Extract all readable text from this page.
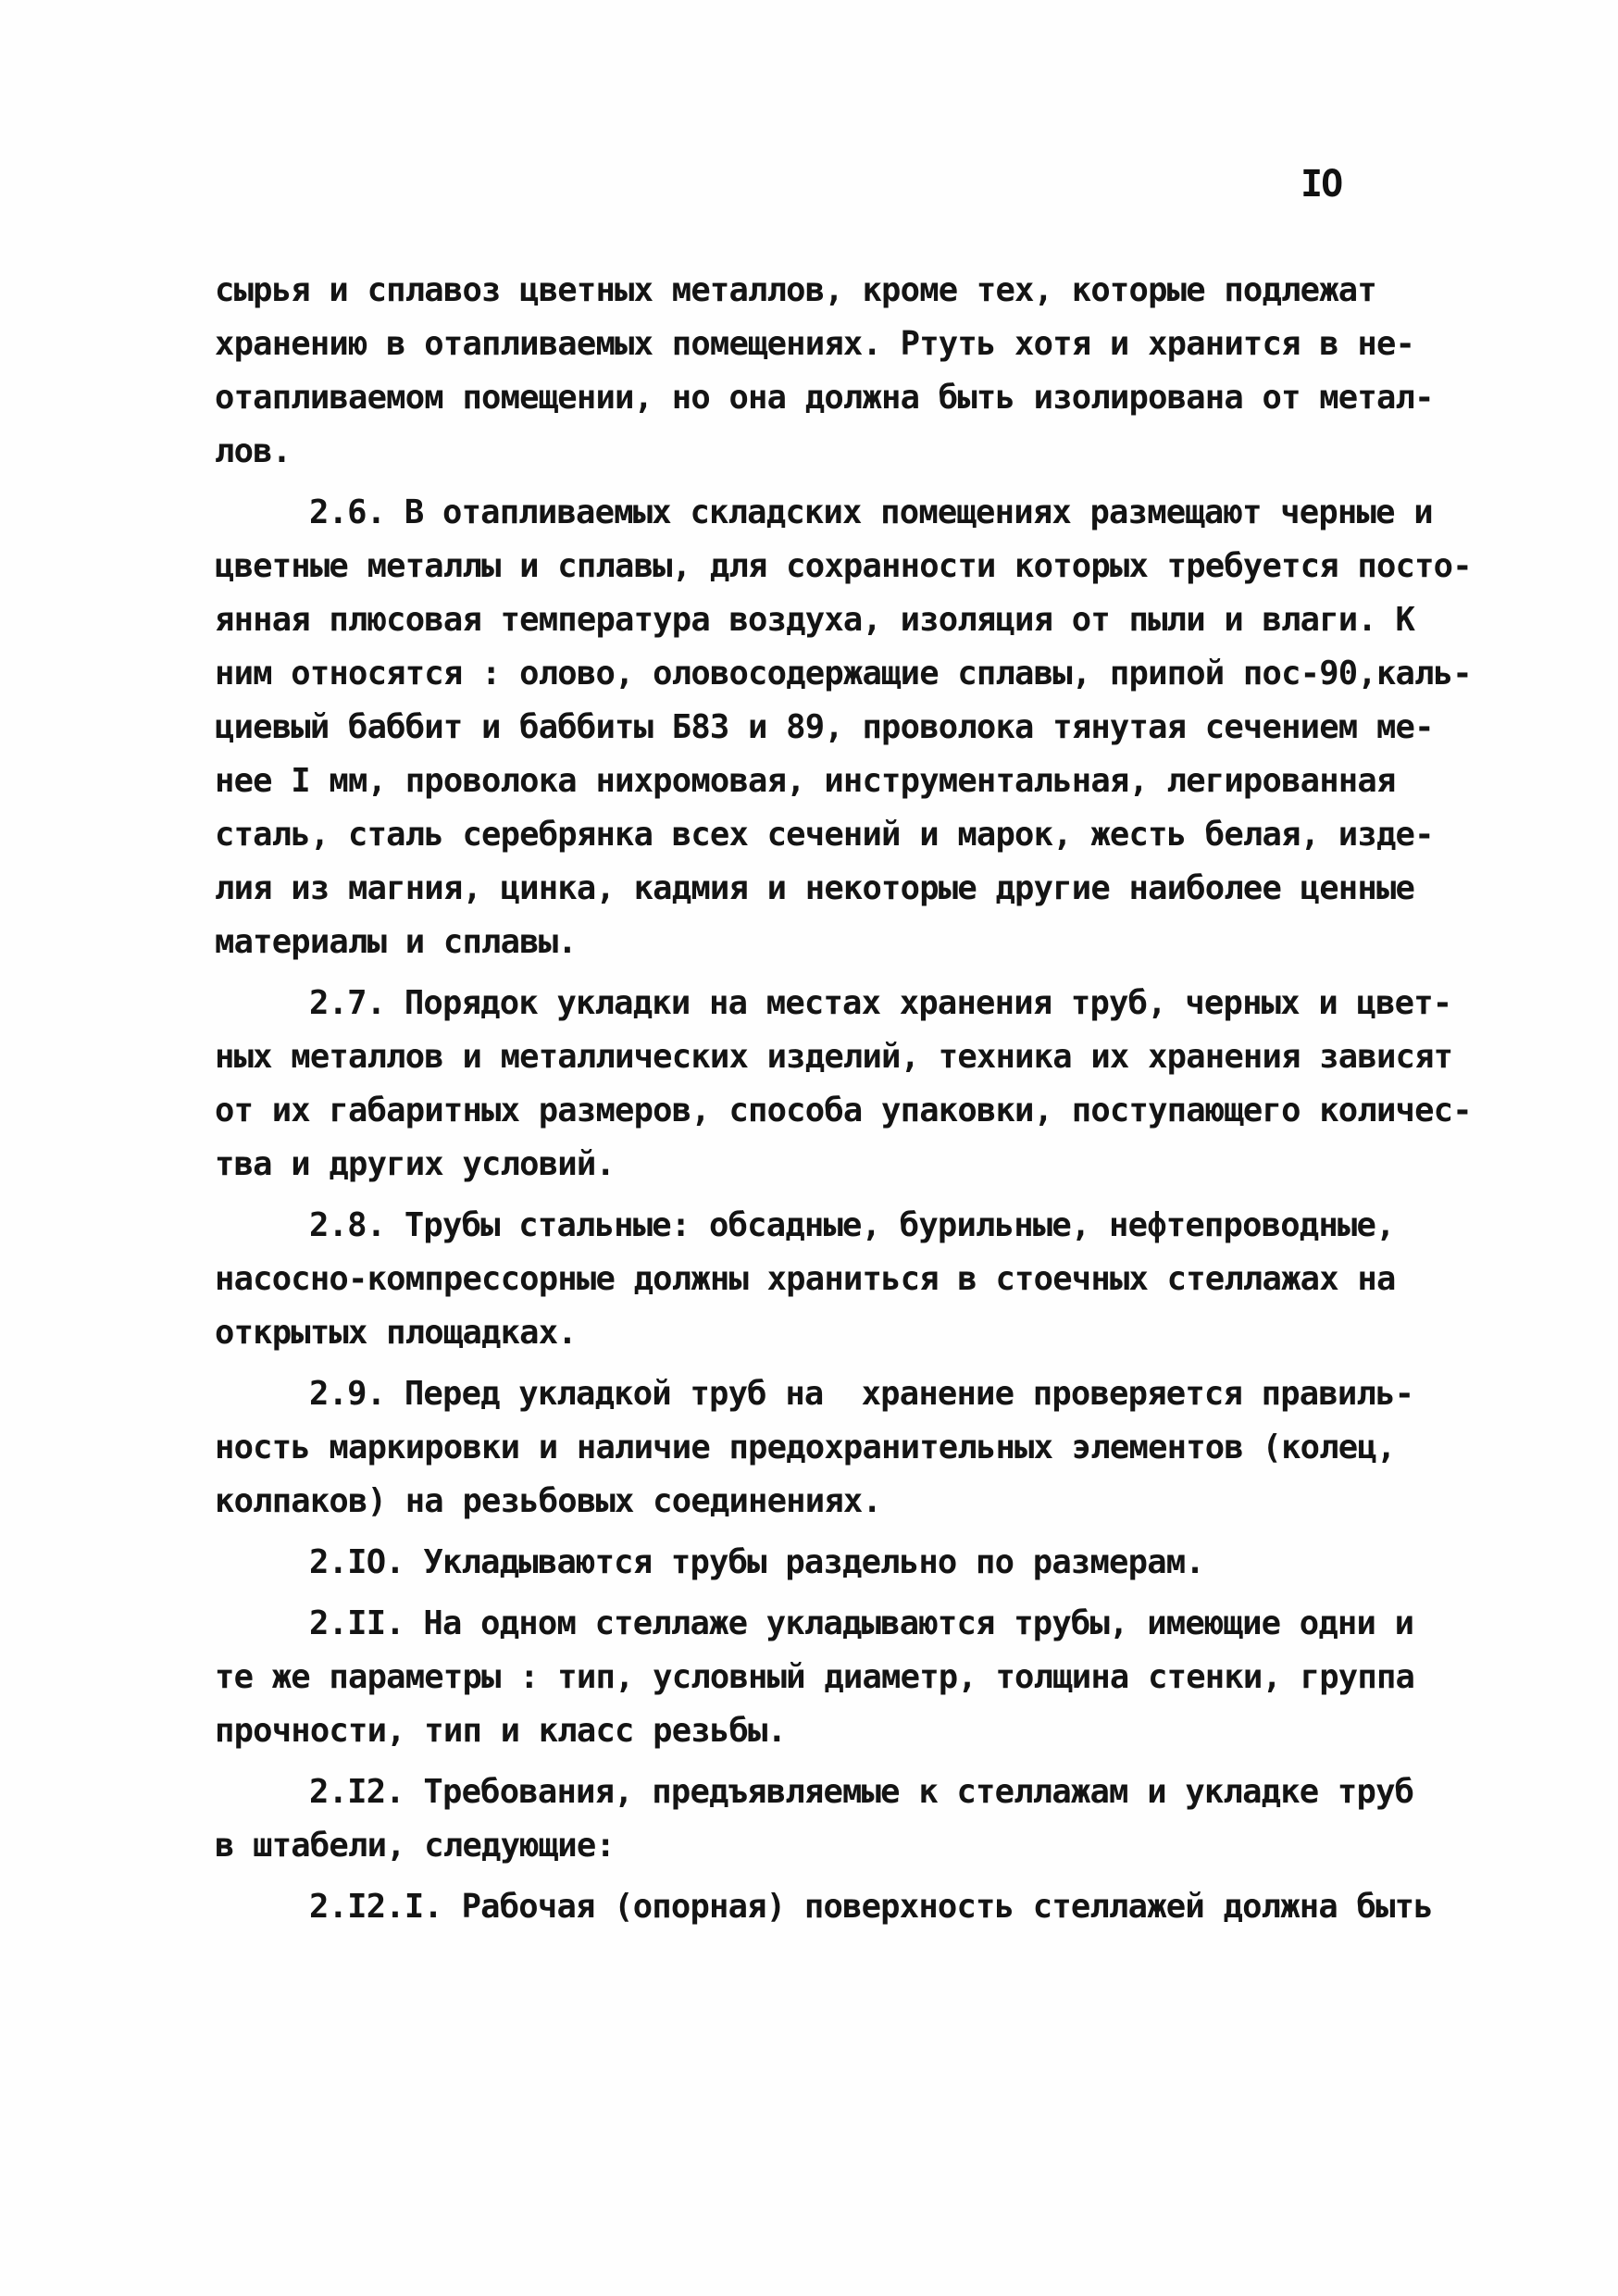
IO
сырья и сплавоз цветных металлов, кроме тех, которые подлежат
хранению в отапливаемых помещениях. Ртуть хотя и хранится в не-
отапливаемом помещении, но она должна быть изолирована от метал-
лов.
2.6. В отапливаемых складских помещениях размещают черные и
цветные металлы и сплавы, для сохранности которых требуется посто-
янная плюсовая температура воздуха, изоляция от пыли и влаги. К
ним относятся : олово, оловосодержащие сплавы, припой пос-90,каль-
циевый баббит и баббиты Б83 и 89, проволока тянутая сечением ме-
нее I мм, проволока нихромовая, инструментальная, легированная
сталь, сталь серебрянка всех сечений и марок, жесть белая, изде-
лия из магния, цинка, кадмия и некоторые другие наиболее ценные
материалы и сплавы.
2.7. Порядок укладки на местах хранения труб, черных и цвет-
ных металлов и металлических изделий, техника их хранения зависят
от их габаритных размеров, способа упаковки, поступающего количес-
тва и других условий.
2.8. Трубы стальные: обсадные, бурильные, нефтепроводные,
насосно-компрессорные должны храниться в стоечных стеллажах на
открытых площадках.
2.9. Перед укладкой труб на  хранение проверяется правиль-
ность маркировки и наличие предохранительных элементов (колец,
колпаков) на резьбовых соединениях.
2.IO. Укладываются трубы раздельно по размерам.
2.II. На одном стеллаже укладываются трубы, имеющие одни и
те же параметры : тип, условный диаметр, толщина стенки, группа
прочности, тип и класс резьбы.
2.I2. Требования, предъявляемые к стеллажам и укладке труб
в штабели, следующие:
2.I2.I. Рабочая (опорная) поверхность стеллажей должна быть
